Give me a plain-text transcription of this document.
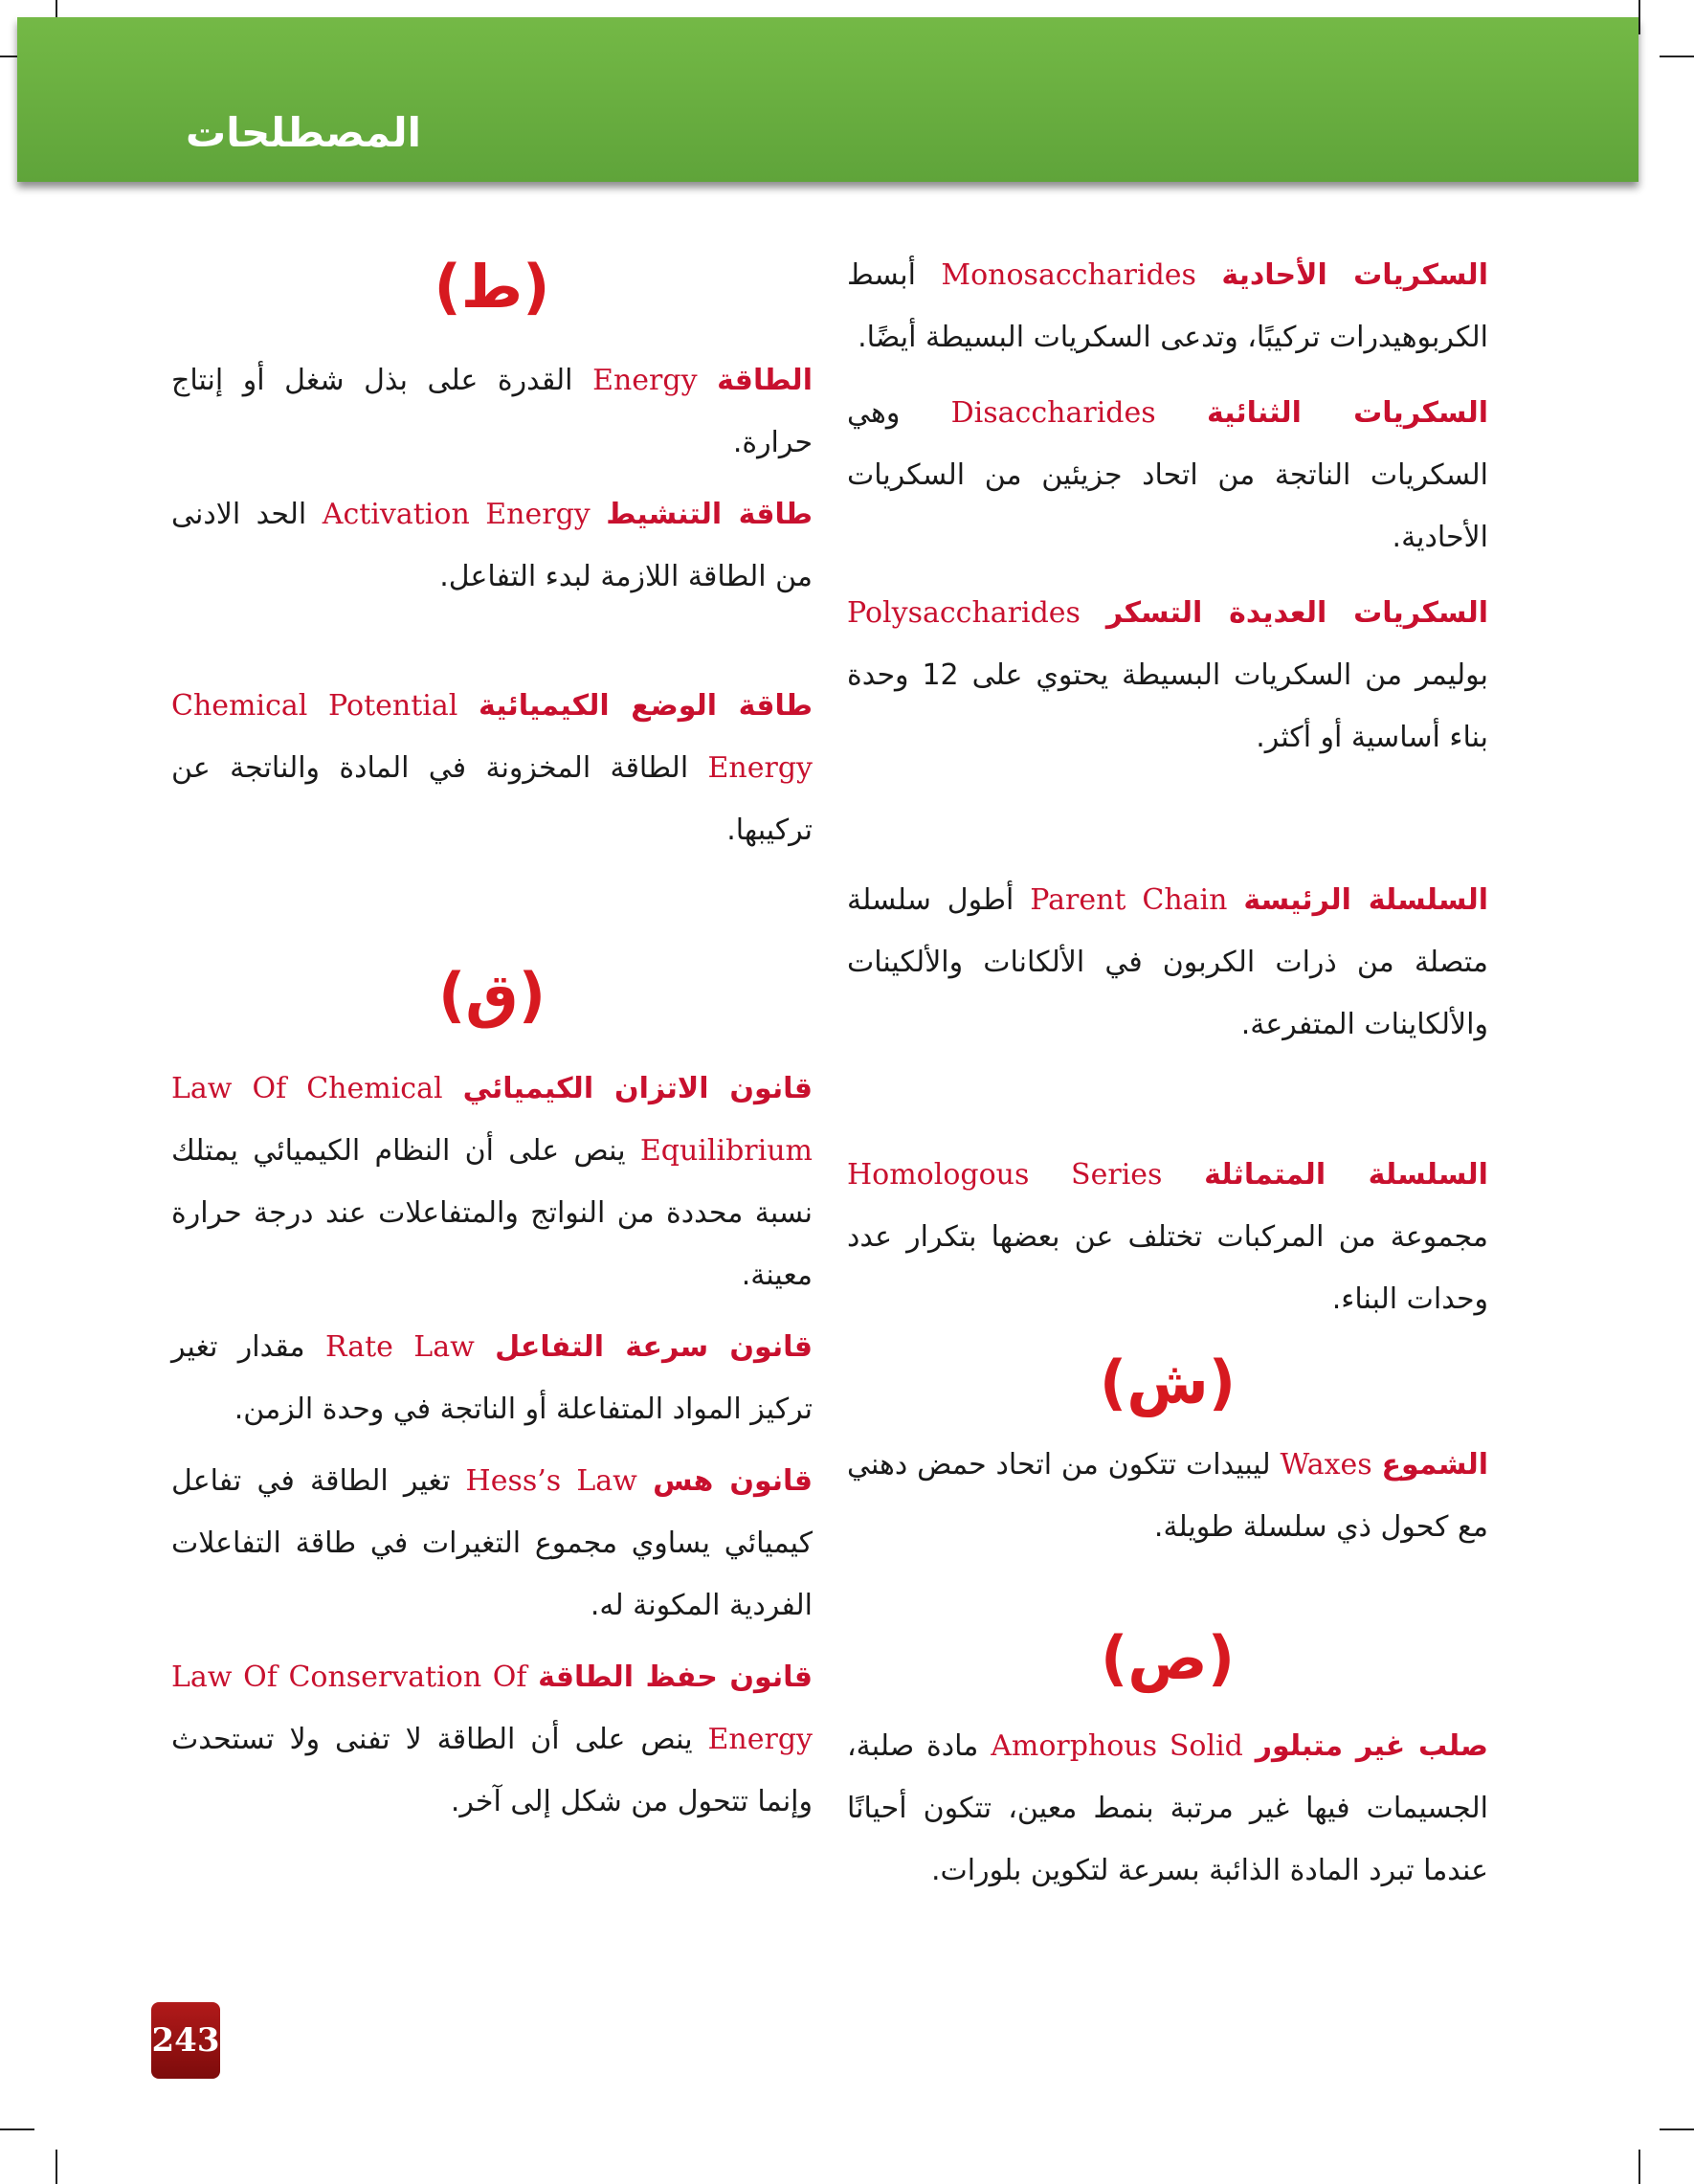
المصطلحات

السكريات الأحادية Monosaccharides أبسط الكربوهيدرات تركيبًا، وتدعى السكريات البسيطة أيضًا.

السكريات الثنائية Disaccharides وهي السكريات الناتجة من اتحاد جزيئين من السكريات الأحادية.

السكريات العديدة التسكر Polysaccharides بوليمر من السكريات البسيطة يحتوي على 12 وحدة بناء أساسية أو أكثر.

السلسلة الرئيسة Parent Chain أطول سلسلة متصلة من ذرات الكربون في الألكانات والألكينات والألكاينات المتفرعة.

السلسلة المتماثلة Homologous Series مجموعة من المركبات تختلف عن بعضها بتكرار عدد وحدات البناء.

(ش)

الشموع Waxes ليبيدات تتكون من اتحاد حمض دهني مع كحول ذي سلسلة طويلة.

(ص)

صلب غير متبلور Amorphous Solid مادة صلبة، الجسيمات فيها غير مرتبة بنمط معين، تتكون أحيانًا عندما تبرد المادة الذائبة بسرعة لتكوين بلورات.

(ط)

الطاقة Energy القدرة على بذل شغل أو إنتاج حرارة.

طاقة التنشيط Activation Energy الحد الادنى من الطاقة اللازمة لبدء التفاعل.

طاقة الوضع الكيميائية Chemical Potential Energy الطاقة المخزونة في المادة والناتجة عن تركيبها.

(ق)

قانون الاتزان الكيميائي Law Of Chemical Equilibrium ينص على أن النظام الكيميائي يمتلك نسبة محددة من النواتج والمتفاعلات عند درجة حرارة معينة.

قانون سرعة التفاعل Rate Law مقدار تغير تركيز المواد المتفاعلة أو الناتجة في وحدة الزمن.

قانون هس Hess’s Law تغير الطاقة في تفاعل كيميائي يساوي مجموع التغيرات في طاقة التفاعلات الفردية المكونة له.

قانون حفظ الطاقة Law Of Conservation Of Energy ينص على أن الطاقة لا تفنى ولا تستحدث وإنما تتحول من شكل إلى آخر.

243
